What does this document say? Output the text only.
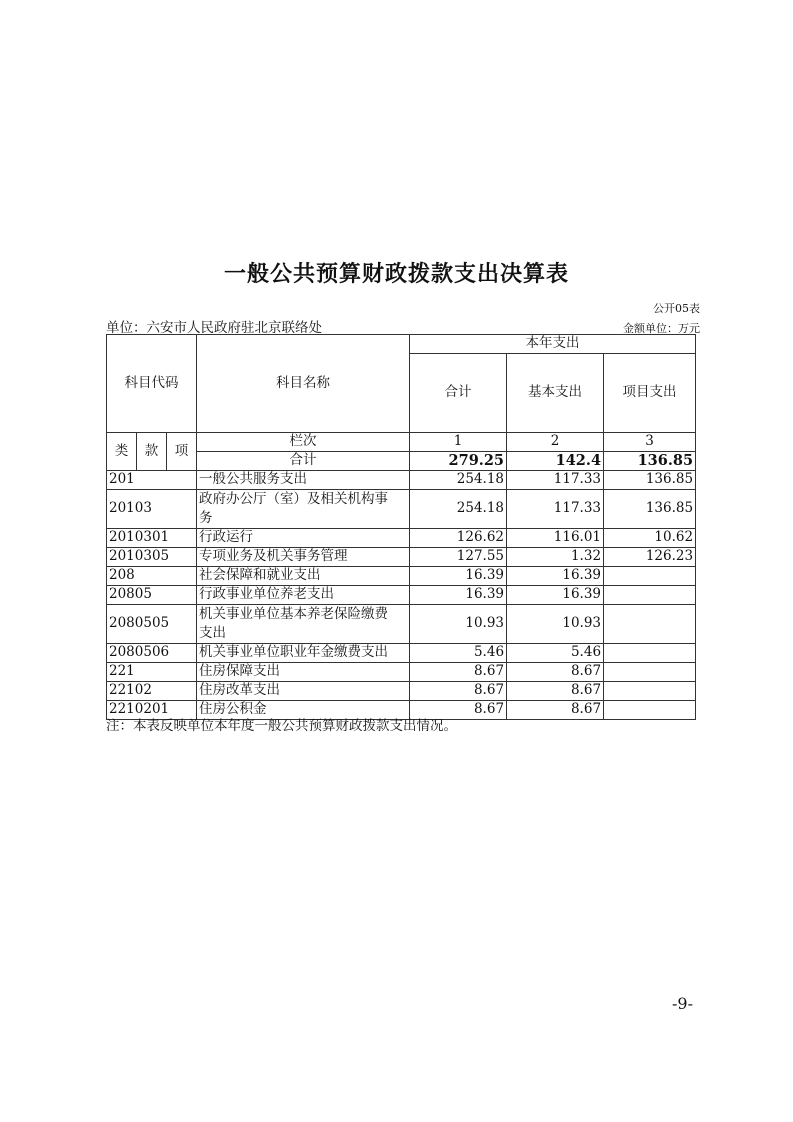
一般公共预算财政拨款支出决算表
公开05表
单位：六安市人民政府驻北京联络处	金额单位：万元
科目代码			科目名称	本年支出		
				合计	基本支出	项目支出

类	款	项	栏次	1	2	3
			合计	279.25	142.4	136.85
201			一般公共服务支出	254.18	117.33	136.85
20103			政府办公厅（室）及相关机构事务	254.18	117.33	136.85
2010301			行政运行	126.62	116.01	10.62
2010305			专项业务及机关事务管理	127.55	1.32	126.23
208			社会保障和就业支出	16.39	16.39	
20805			行政事业单位养老支出	16.39	16.39	
2080505			机关事业单位基本养老保险缴费支出	10.93	10.93	
2080506			机关事业单位职业年金缴费支出	5.46	5.46	
221			住房保障支出	8.67	8.67	
22102			住房改革支出	8.67	8.67	
2210201			住房公积金	8.67	8.67	
注：本表反映单位本年度一般公共预算财政拨款支出情况。
-9-
